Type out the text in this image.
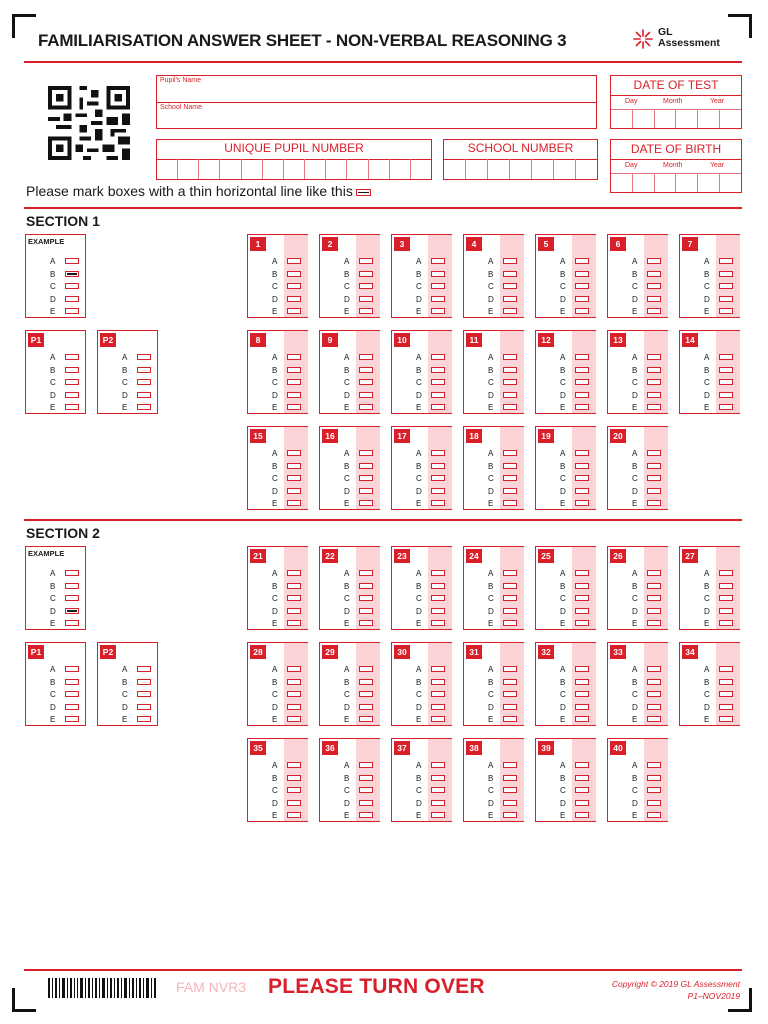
FAMILIARISATION ANSWER SHEET - NON-VERBAL REASONING 3	GL
Assessment
Pupil's Name
School Name
UNIQUE PUPIL NUMBER	SCHOOL NUMBER
DATE OF TEST
Day	Month	Year
DATE OF BIRTH
Day	Month	Year
Please mark boxes with a thin horizontal line like this
SECTION 1
EXAMPLE
A
B
C
D
E
P1
A
B
C
D
E
P2
A
B
C
D
E
1
A
B
C
D
E
2
A
B
C
D
E
3
A
B
C
D
E
4
A
B
C
D
E
5
A
B
C
D
E
6
A
B
C
D
E
7
A
B
C
D
E
8
A
B
C
D
E
9
A
B
C
D
E
10
A
B
C
D
E
11
A
B
C
D
E
12
A
B
C
D
E
13
A
B
C
D
E
14
A
B
C
D
E
15
A
B
C
D
E
16
A
B
C
D
E
17
A
B
C
D
E
18
A
B
C
D
E
19
A
B
C
D
E
20
A
B
C
D
E
SECTION 2
EXAMPLE
A
B
C
D
E
P1
A
B
C
D
E
P2
A
B
C
D
E
21
A
B
C
D
E
22
A
B
C
D
E
23
A
B
C
D
E
24
A
B
C
D
E
25
A
B
C
D
E
26
A
B
C
D
E
27
A
B
C
D
E
28
A
B
C
D
E
29
A
B
C
D
E
30
A
B
C
D
E
31
A
B
C
D
E
32
A
B
C
D
E
33
A
B
C
D
E
34
A
B
C
D
E
35
A
B
C
D
E
36
A
B
C
D
E
37
A
B
C
D
E
38
A
B
C
D
E
39
A
B
C
D
E
40
A
B
C
D
E
FAM NVR3 PLEASE TURN OVER	Copyright © 2019 GL Assessment
P1–NOV2019
